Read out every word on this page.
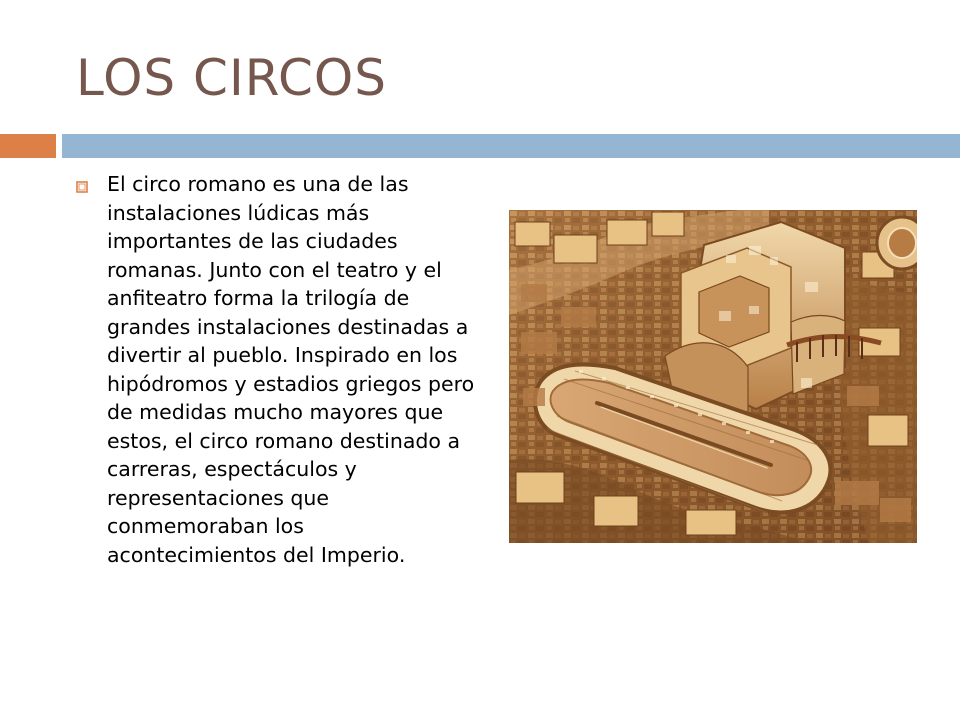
LOS CIRCOS

El circo romano es una de las instalaciones lúdicas más importantes de las ciudades romanas. Junto con el teatro y el anfiteatro forma la trilogía de grandes instalaciones destinadas a divertir al pueblo. Inspirado en los hipódromos y estadios griegos pero de medidas mucho mayores que estos, el circo romano destinado a carreras, espectáculos y representaciones que conmemoraban los acontecimientos del Imperio.
